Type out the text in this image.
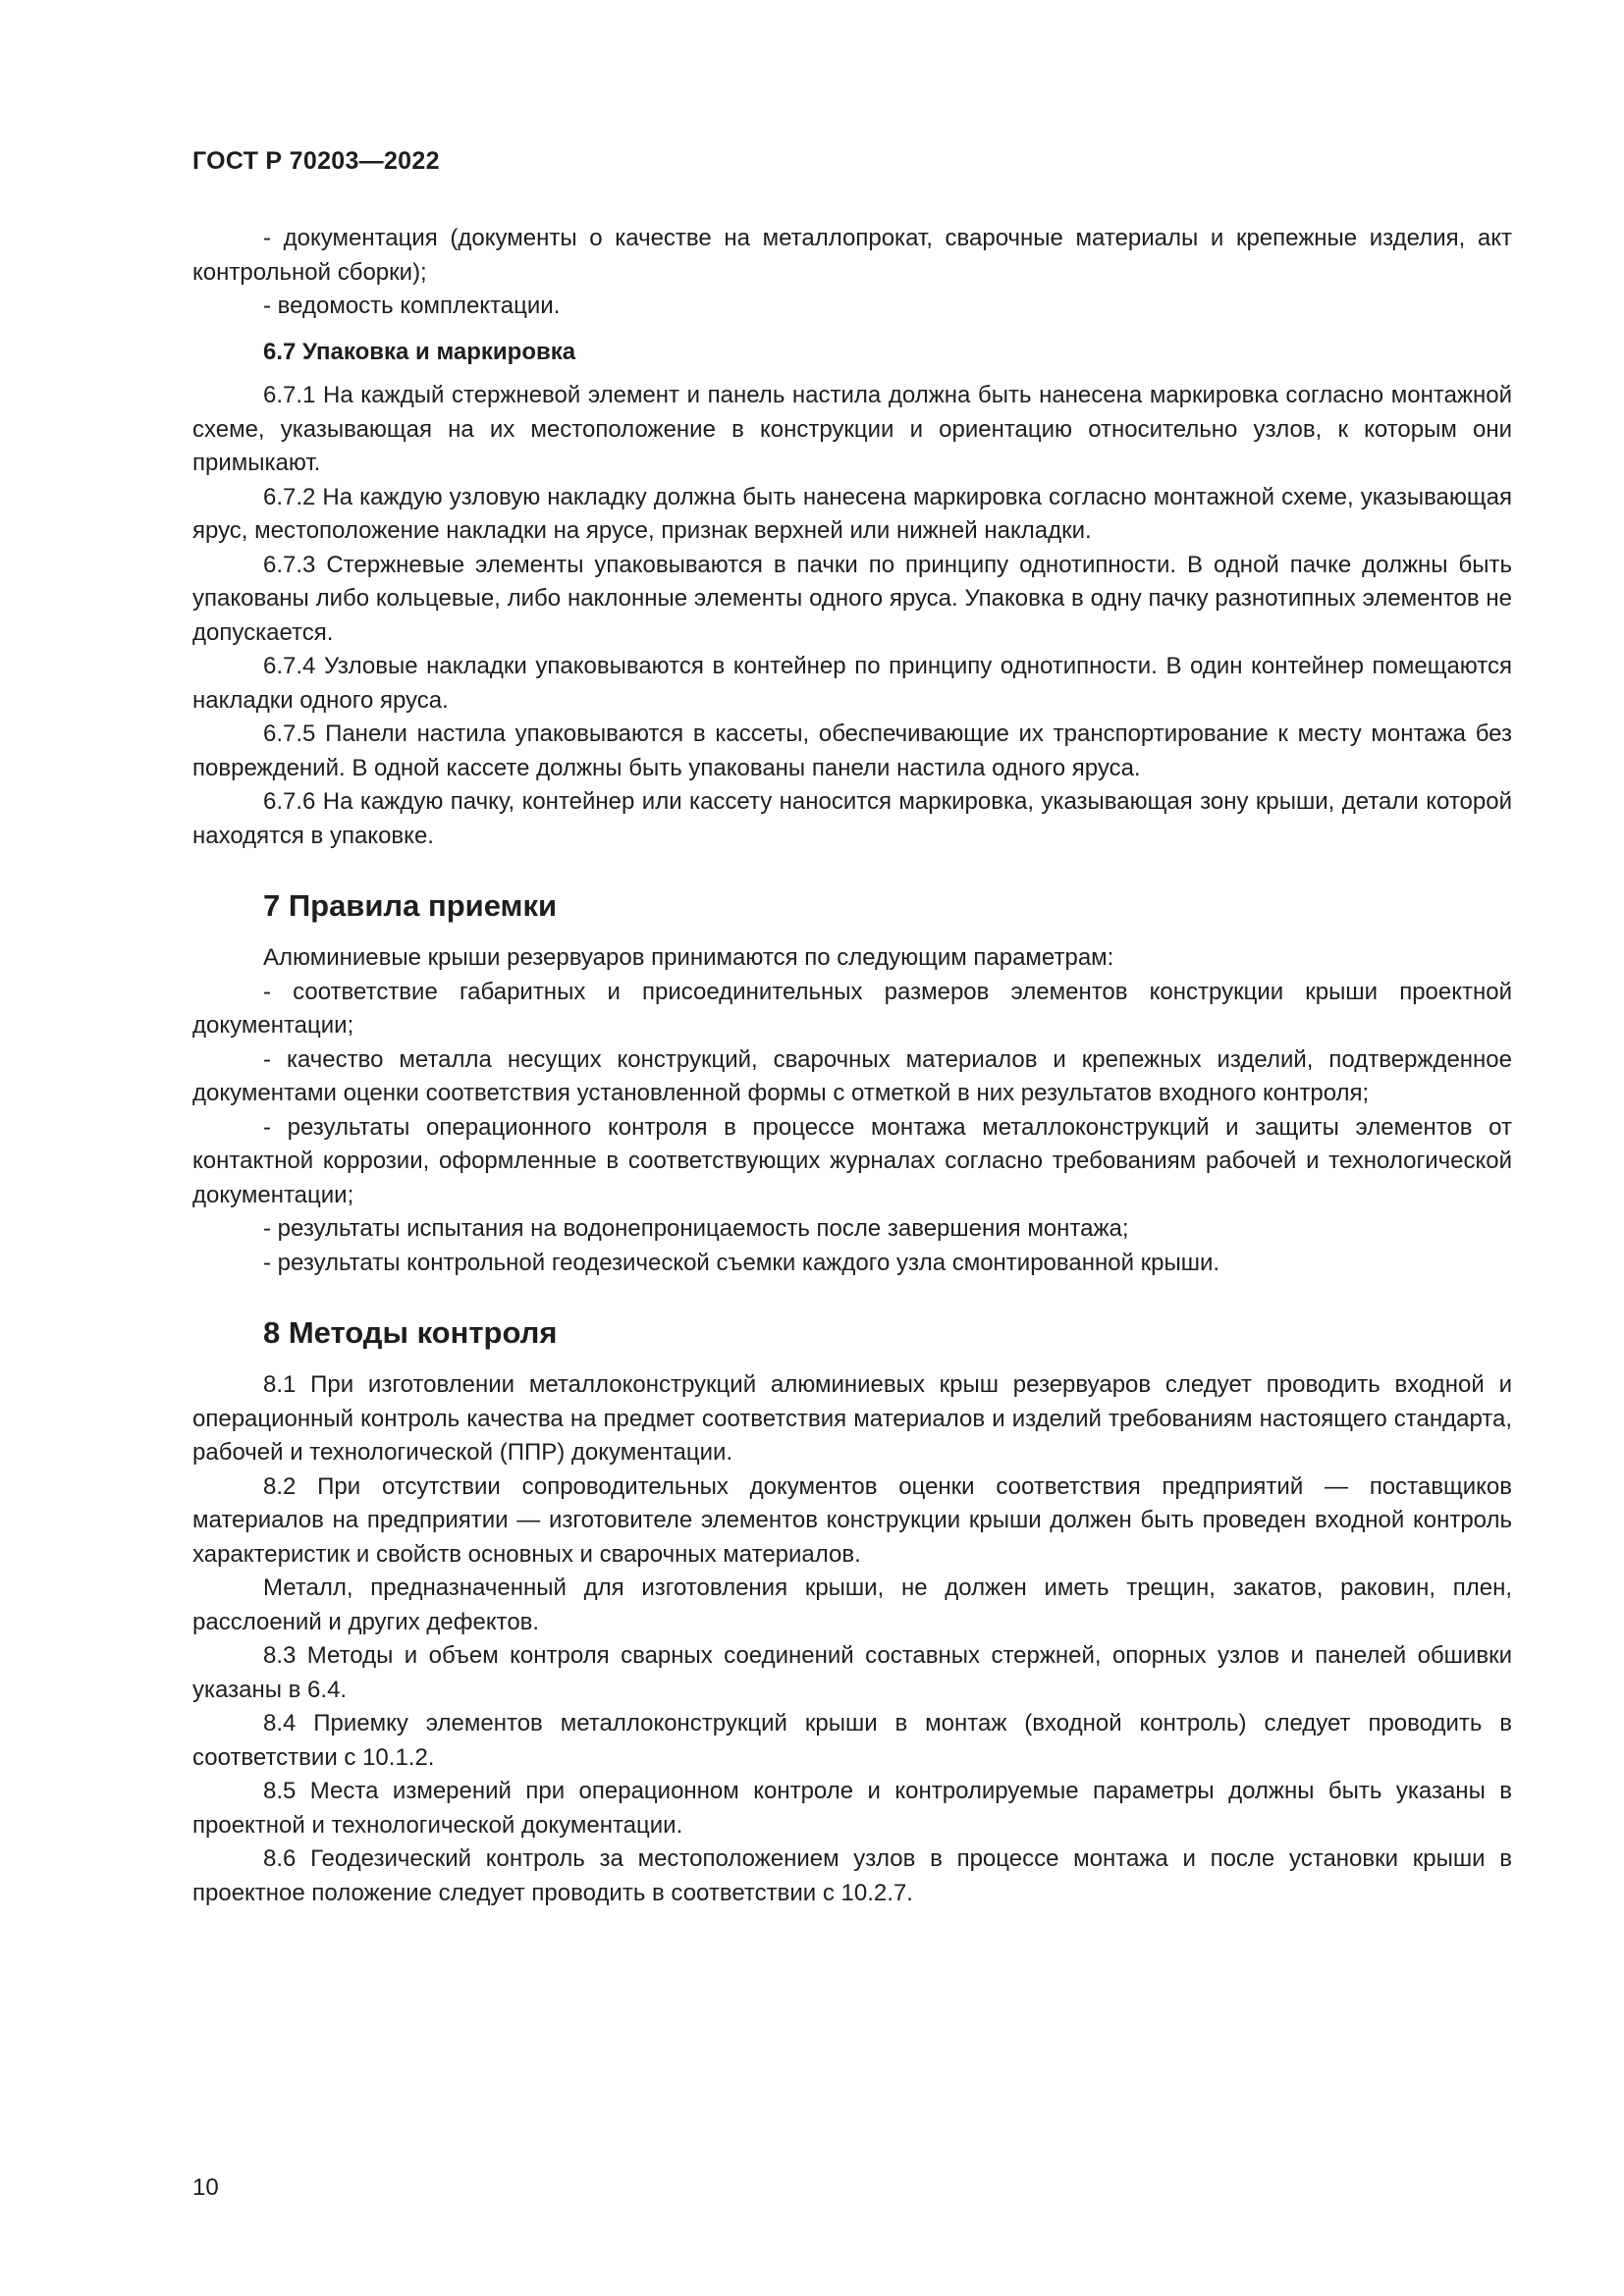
ГОСТ Р 70203—2022

- документация (документы о качестве на металлопрокат, сварочные материалы и крепежные изделия, акт контрольной сборки);

- ведомость комплектации.

6.7 Упаковка и маркировка

6.7.1 На каждый стержневой элемент и панель настила должна быть нанесена маркировка согласно монтажной схеме, указывающая на их местоположение в конструкции и ориентацию относительно узлов, к которым они примыкают.

6.7.2 На каждую узловую накладку должна быть нанесена маркировка согласно монтажной схеме, указывающая ярус, местоположение накладки на ярусе, признак верхней или нижней накладки.

6.7.3 Стержневые элементы упаковываются в пачки по принципу однотипности. В одной пачке должны быть упакованы либо кольцевые, либо наклонные элементы одного яруса. Упаковка в одну пачку разнотипных элементов не допускается.

6.7.4 Узловые накладки упаковываются в контейнер по принципу однотипности. В один контейнер помещаются накладки одного яруса.

6.7.5 Панели настила упаковываются в кассеты, обеспечивающие их транспортирование к месту монтажа без повреждений. В одной кассете должны быть упакованы панели настила одного яруса.

6.7.6 На каждую пачку, контейнер или кассету наносится маркировка, указывающая зону крыши, детали которой находятся в упаковке.

7 Правила приемки

Алюминиевые крыши резервуаров принимаются по следующим параметрам:

- соответствие габаритных и присоединительных размеров элементов конструкции крыши проектной документации;

- качество металла несущих конструкций, сварочных материалов и крепежных изделий, подтвержденное документами оценки соответствия установленной формы с отметкой в них результатов входного контроля;

- результаты операционного контроля в процессе монтажа металлоконструкций и защиты элементов от контактной коррозии, оформленные в соответствующих журналах согласно требованиям рабочей и технологической документации;

- результаты испытания на водонепроницаемость после завершения монтажа;

- результаты контрольной геодезической съемки каждого узла смонтированной крыши.

8 Методы контроля

8.1 При изготовлении металлоконструкций алюминиевых крыш резервуаров следует проводить входной и операционный контроль качества на предмет соответствия материалов и изделий требованиям настоящего стандарта, рабочей и технологической (ППР) документации.

8.2 При отсутствии сопроводительных документов оценки соответствия предприятий — поставщиков материалов на предприятии — изготовителе элементов конструкции крыши должен быть проведен входной контроль характеристик и свойств основных и сварочных материалов.

Металл, предназначенный для изготовления крыши, не должен иметь трещин, закатов, раковин, плен, расслоений и других дефектов.

8.3 Методы и объем контроля сварных соединений составных стержней, опорных узлов и панелей обшивки указаны в 6.4.

8.4 Приемку элементов металлоконструкций крыши в монтаж (входной контроль) следует проводить в соответствии с 10.1.2.

8.5 Места измерений при операционном контроле и контролируемые параметры должны быть указаны в проектной и технологической документации.

8.6 Геодезический контроль за местоположением узлов в процессе монтажа и после установки крыши в проектное положение следует проводить в соответствии с 10.2.7.

10
